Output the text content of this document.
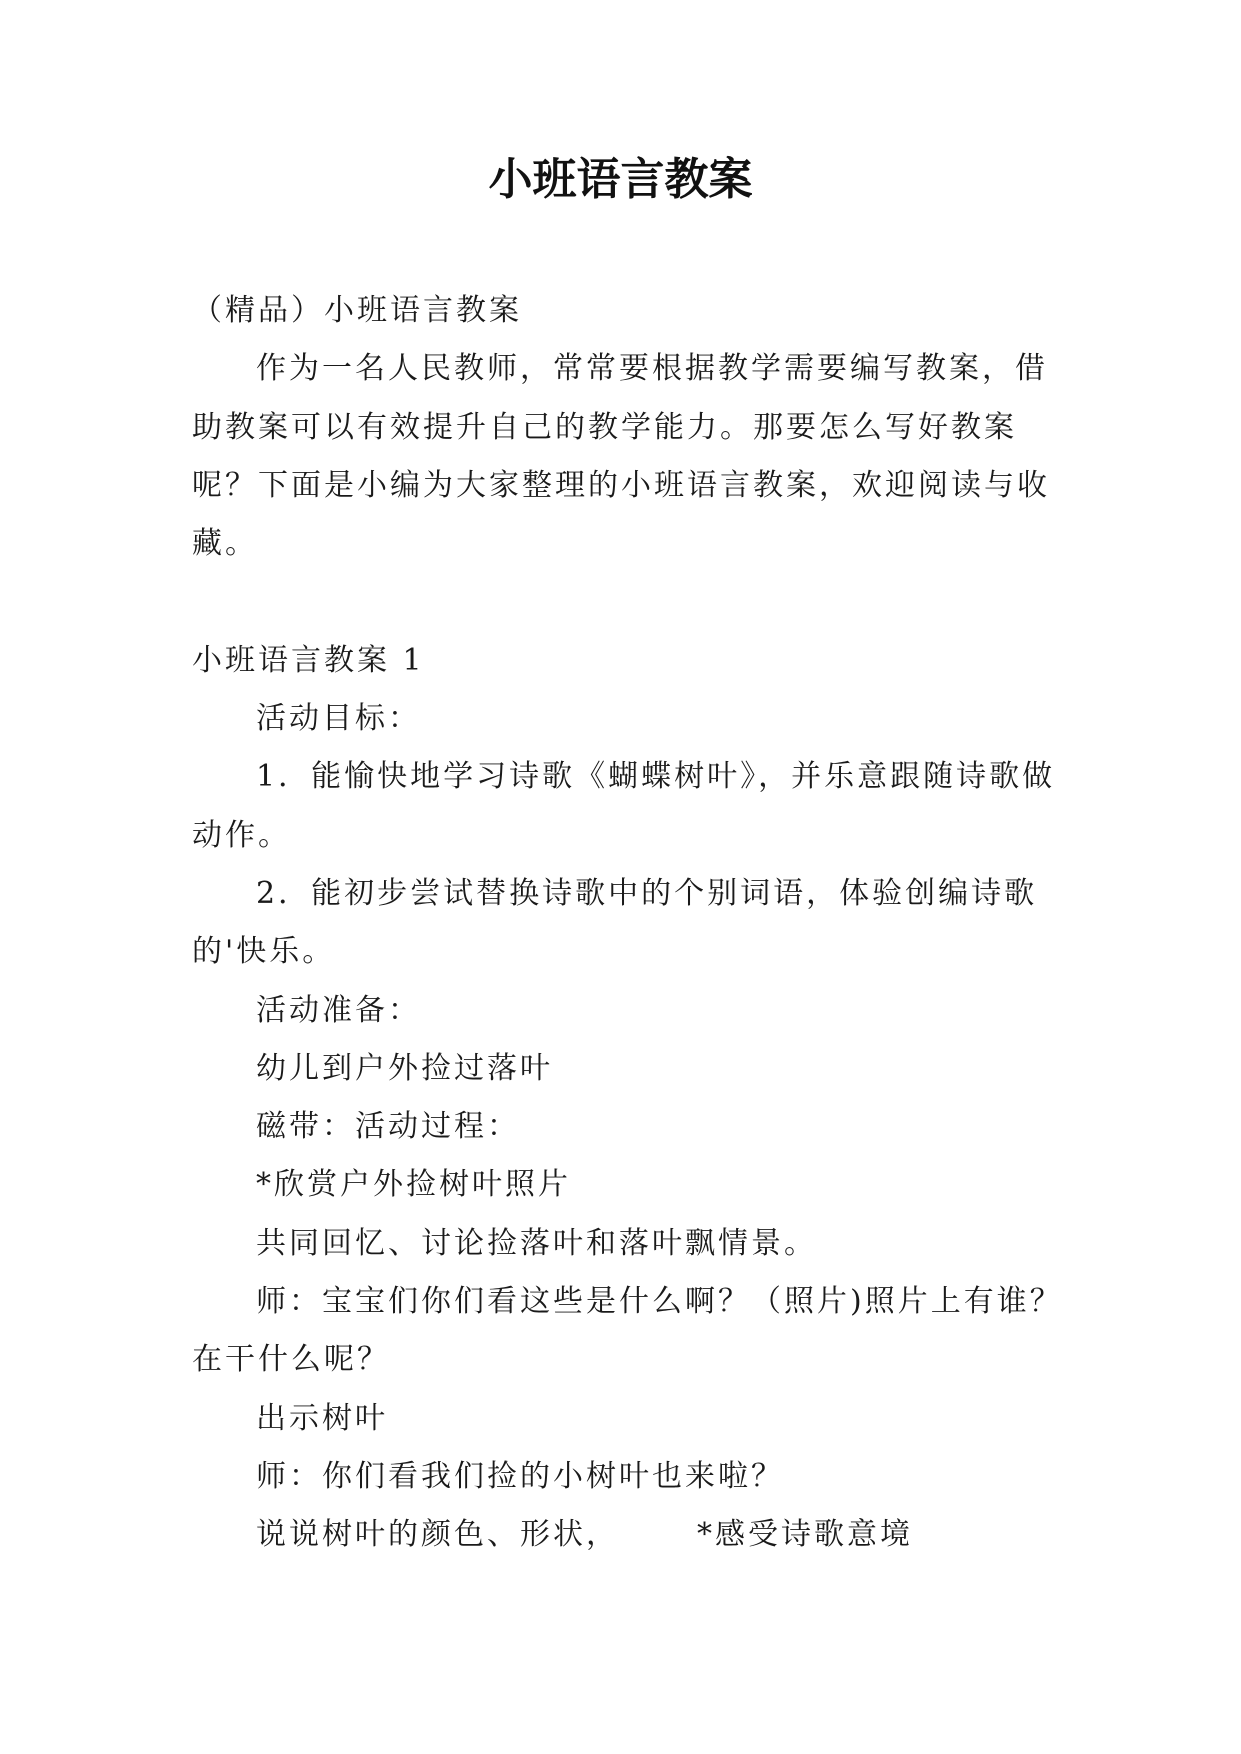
小班语言教案
（精品）小班语言教案
作为一名人民教师，常常要根据教学需要编写教案，借
助教案可以有效提升自己的教学能力。那要怎么写好教案
呢？下面是小编为大家整理的小班语言教案，欢迎阅读与收
藏。
小班语言教案 1
活动目标：
1．能愉快地学习诗歌《蝴蝶树叶》，并乐意跟随诗歌做
动作。
2．能初步尝试替换诗歌中的个别词语，体验创编诗歌
的'快乐。
活动准备：
幼儿到户外捡过落叶
磁带：活动过程：
*欣赏户外捡树叶照片
共同回忆、讨论捡落叶和落叶飘情景。
师：宝宝们你们看这些是什么啊？（照片)照片上有谁？
在干什么呢？
出示树叶
师：你们看我们捡的小树叶也来啦？
说说树叶的颜色、形状，	*感受诗歌意境
